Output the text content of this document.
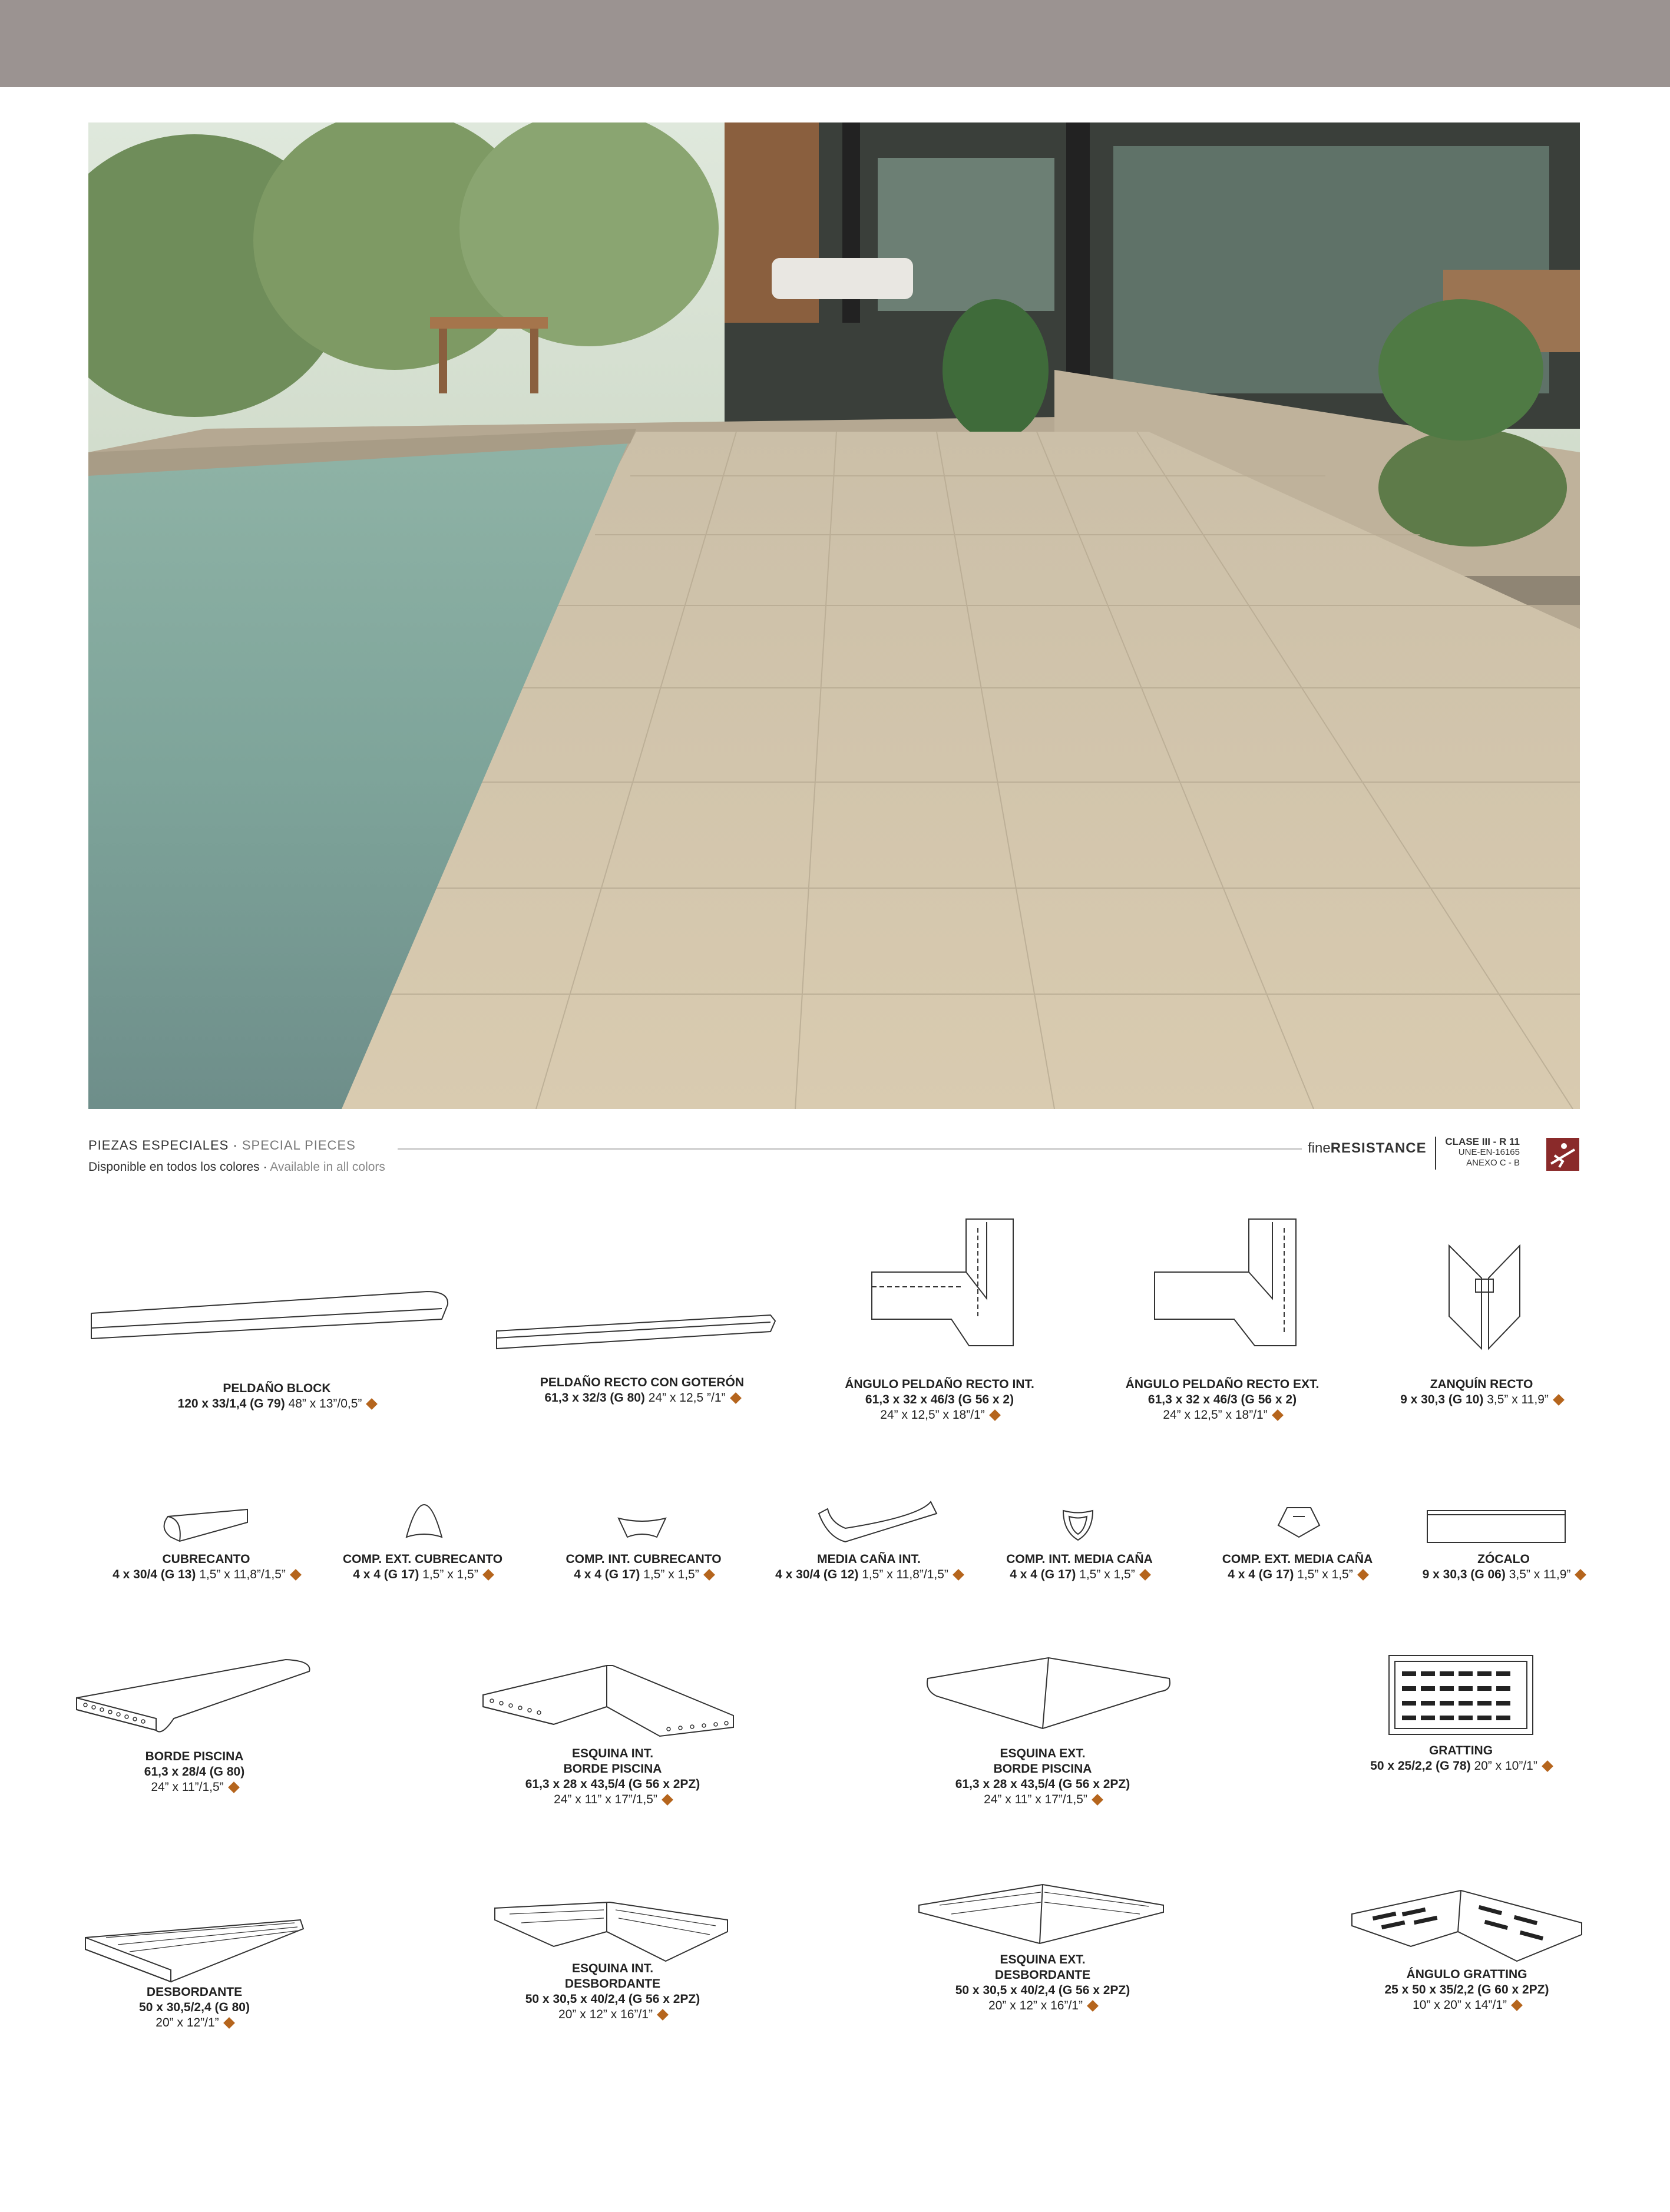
PIEZAS ESPECIALES · SPECIAL PIECES
Disponible en todos los colores · Available in all colors
fineRESISTANCE CLASE III - R 11
UNE-EN-16165
ANEXO C - B
PELDAÑO BLOCK
120 x 33/1,4 (G 79) 48” x 13”/0,5”
PELDAÑO RECTO CON GOTERÓN
61,3 x 32/3 (G 80) 24” x 12,5 ”/1”
ÁNGULO PELDAÑO RECTO INT.
61,3 x 32 x 46/3 (G 56 x 2)
24” x 12,5” x 18”/1”
ÁNGULO PELDAÑO RECTO EXT.
61,3 x 32 x 46/3 (G 56 x 2)
24” x 12,5” x 18”/1”
ZANQUÍN RECTO
9 x 30,3 (G 10) 3,5” x 11,9”
CUBRECANTO
4 x 30/4 (G 13) 1,5” x 11,8”/1,5”
COMP. EXT. CUBRECANTO
4 x 4 (G 17) 1,5” x 1,5”
COMP. INT. CUBRECANTO
4 x 4 (G 17) 1,5” x 1,5”
MEDIA CAÑA INT.
4 x 30/4 (G 12) 1,5” x 11,8”/1,5”
COMP. INT. MEDIA CAÑA
4 x 4 (G 17) 1,5” x 1,5”
COMP. EXT. MEDIA CAÑA
4 x 4 (G 17) 1,5” x 1,5”
ZÓCALO
9 x 30,3 (G 06) 3,5” x 11,9”
BORDE PISCINA
61,3 x 28/4 (G 80)
24” x 11”/1,5”
ESQUINA INT.
BORDE PISCINA
61,3 x 28 x 43,5/4 (G 56 x 2PZ)
24” x 11” x 17”/1,5”
ESQUINA EXT.
BORDE PISCINA
61,3 x 28 x 43,5/4 (G 56 x 2PZ)
24” x 11” x 17”/1,5”
GRATTING
50 x 25/2,2 (G 78) 20” x 10”/1”
DESBORDANTE
50 x 30,5/2,4 (G 80)
20” x 12”/1”
ESQUINA INT.
DESBORDANTE
50 x 30,5 x 40/2,4 (G 56 x 2PZ)
20” x 12” x 16”/1”
ESQUINA EXT.
DESBORDANTE
50 x 30,5 x 40/2,4 (G 56 x 2PZ)
20” x 12” x 16”/1”
ÁNGULO GRATTING
25 x 50 x 35/2,2 (G 60 x 2PZ)
10” x 20” x 14”/1”
